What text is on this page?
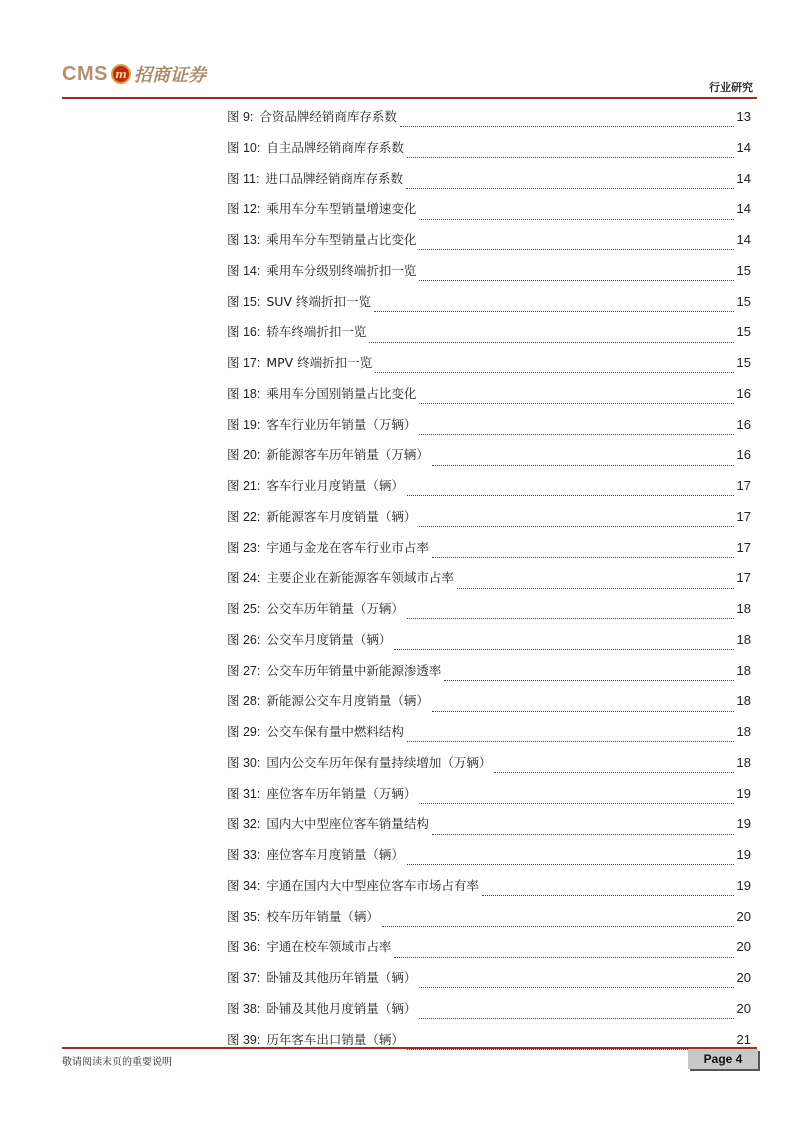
CMS m 招商证券
行业研究
图 9: 合资品牌经销商库存系数	13
图 10: 自主品牌经销商库存系数	14
图 11: 进口品牌经销商库存系数	14
图 12: 乘用车分车型销量增速变化	14
图 13: 乘用车分车型销量占比变化	14
图 14: 乘用车分级别终端折扣一览	15
图 15: SUV 终端折扣一览	15
图 16: 轿车终端折扣一览	15
图 17: MPV 终端折扣一览	15
图 18: 乘用车分国别销量占比变化	16
图 19: 客车行业历年销量（万辆）	16
图 20: 新能源客车历年销量（万辆）	16
图 21: 客车行业月度销量（辆）	17
图 22: 新能源客车月度销量（辆）	17
图 23: 宇通与金龙在客车行业市占率	17
图 24: 主要企业在新能源客车领域市占率	17
图 25: 公交车历年销量（万辆）	18
图 26: 公交车月度销量（辆）	18
图 27: 公交车历年销量中新能源渗透率	18
图 28: 新能源公交车月度销量（辆）	18
图 29: 公交车保有量中燃料结构	18
图 30: 国内公交车历年保有量持续增加（万辆）	18
图 31: 座位客车历年销量（万辆）	19
图 32: 国内大中型座位客车销量结构	19
图 33: 座位客车月度销量（辆）	19
图 34: 宇通在国内大中型座位客车市场占有率	19
图 35: 校车历年销量（辆）	20
图 36: 宇通在校车领域市占率	20
图 37: 卧铺及其他历年销量（辆）	20
图 38: 卧铺及其他月度销量（辆）	20
图 39: 历年客车出口销量（辆）	21
敬请阅读末页的重要说明	Page 4
